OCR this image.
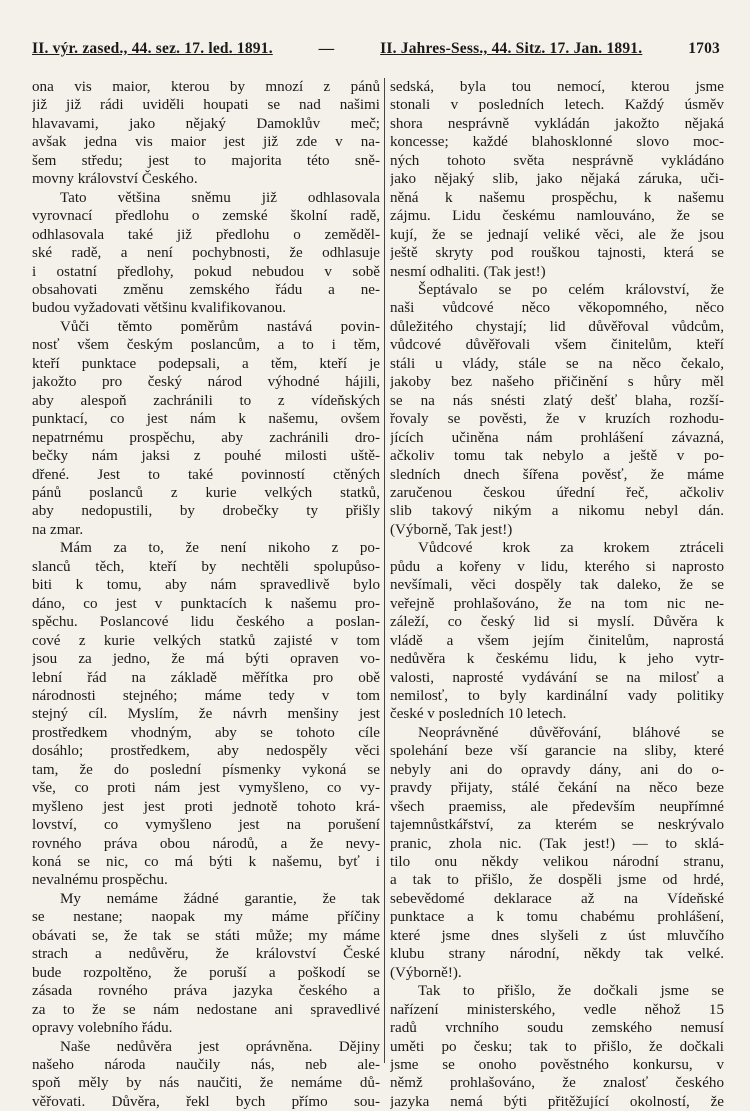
II. výr. zased., 44. sez. 17. led. 1891.	—	II. Jahres-Sess., 44. Sitz. 17. Jan. 1891.	1703
ona vis maior, kterou by mnozí z pánů
již již rádi uviděli houpati se nad našimi
hlavavami, jako nějaký Damoklův meč;
avšak jedna vis maior jest již zde v na-
šem středu; jest to majorita této sně-
movny království Českého.
Tato většina sněmu již odhlasovala
vyrovnací předlohu o zemské školní radě,
odhlasovala také již předlohu o zeměděl-
ské radě, a není pochybnosti, že odhlasuje
i ostatní předlohy, pokud nebudou v sobě
obsahovati změnu zemského řádu a ne-
budou vyžadovati většinu kvalifikovanou.
Vůči těmto poměrům nastává povin-
nosť všem českým poslancům, a to i těm,
kteří punktace podepsali, a těm, kteří je
jakožto pro český národ výhodné hájili,
aby alespoň zachránili to z vídeňských
punktací, co jest nám k našemu, ovšem
nepatrnému prospěchu, aby zachránili dro-
bečky nám jaksi z pouhé milosti uště-
dřené. Jest to také povinností ctěných
pánů poslanců z kurie velkých statků,
aby nedopustili, by drobečky ty přišly
na zmar.
Mám za to, že není nikoho z po-
slanců těch, kteří by nechtěli spolupůso-
biti k tomu, aby nám spravedlivě bylo
dáno, co jest v punktacích k našemu pro-
spěchu. Poslancové lidu českého a poslan-
cové z kurie velkých statků zajisté v tom
jsou za jedno, že má býti opraven vo-
lební řád na základě měřítka pro obě
národnosti stejného; máme tedy v tom
stejný cíl. Myslím, že návrh menšiny jest
prostředkem vhodným, aby se tohoto cíle
dosáhlo; prostředkem, aby nedospěly věci
tam, že do poslední písmenky vykoná se
vše, co proti nám jest vymyšleno, co vy-
myšleno jest jest proti jednotě tohoto krá-
lovství, co vymyšleno jest na porušení
rovného práva obou národů, a že nevy-
koná se nic, co má býti k našemu, byť i
nevalnému prospěchu.
My nemáme žádné garantie, že tak
se nestane; naopak my máme příčiny
obávati se, že tak se státi může; my máme
strach a nedůvěru, že království České
bude rozpoltěno, že poruší a poškodí se
zásada rovného práva jazyka českého a
za to že se nám nedostane ani spravedlivé
opravy volebního řádu.
Naše nedůvěra jest oprávněna. Dějiny
našeho národa naučily nás, neb ale-
spoň měly by nás naučiti, že nemáme dů-
věřovati. Důvěra, řekl bych přímo sou-
sedská, byla tou nemocí, kterou jsme
stonali v posledních letech. Každý úsměv
shora nesprávně vykládán jakožto nějaká
koncesse; každé blahosklonné slovo moc-
ných tohoto světa nesprávně vykládáno
jako nějaký slib, jako nějaká záruka, uči-
něná k našemu prospěchu, k našemu
zájmu. Lidu českému namlouváno, že se
kují, že se jednají veliké věci, ale že jsou
ještě skryty pod rouškou tajnosti, která se
nesmí odhaliti. (Tak jest!)
Šeptávalo se po celém království, že
naši vůdcové něco věkopomného, něco
důležitého chystají; lid důvěřoval vůdcům,
vůdcové důvěřovali všem činitelům, kteří
stáli u vlády, stále se na něco čekalo,
jakoby bez našeho přičinění s hůry měl
se na nás snésti zlatý dešť blaha, rozší-
řovaly se pověsti, že v kruzích rozhodu-
jících učiněna nám prohlášení závazná,
ačkoliv tomu tak nebylo a ještě v po-
sledních dnech šířena pověsť, že máme
zaručenou českou úřední řeč, ačkoliv
slib takový nikým a nikomu nebyl dán.
(Výborně, Tak jest!)
Vůdcové krok za krokem ztráceli
půdu a kořeny v lidu, kterého si naprosto
nevšímali, věci dospěly tak daleko, že se
veřejně prohlašováno, že na tom nic ne-
záleží, co český lid si myslí. Důvěra k
vládě a všem jejím činitelům, naprostá
nedůvěra k českému lidu, k jeho vytr-
valosti, naprosté vydávání se na milosť a
nemilosť, to byly kardinální vady politiky
české v posledních 10 letech.
Neoprávněné důvěřování, bláhové se
spolehání beze vší garancie na sliby, které
nebyly ani do opravdy dány, ani do o-
pravdy přijaty, stálé čekání na něco beze
všech praemiss, ale především neupřímné
tajemnůstkářství, za kterém se neskrývalo
pranic, zhola nic. (Tak jest!) — to sklá-
tilo onu někdy velikou národní stranu,
a tak to přišlo, že dospěli jsme od hrdé,
sebevědomé deklarace až na Vídeňské
punktace a k tomu chabému prohlášení,
které jsme dnes slyšeli z úst mluvčího
klubu strany národní, někdy tak velké.
(Výborně!).
Tak to přišlo, že dočkali jsme se
nařízení ministerského, vedle něhož 15
radů vrchního soudu zemského nemusí
uměti po česku; tak to přišlo, že dočkali
jsme se onoho pověstného konkursu, v
němž prohlašováno, že znalosť českého
jazyka nemá býti přitěžující okolností, že
